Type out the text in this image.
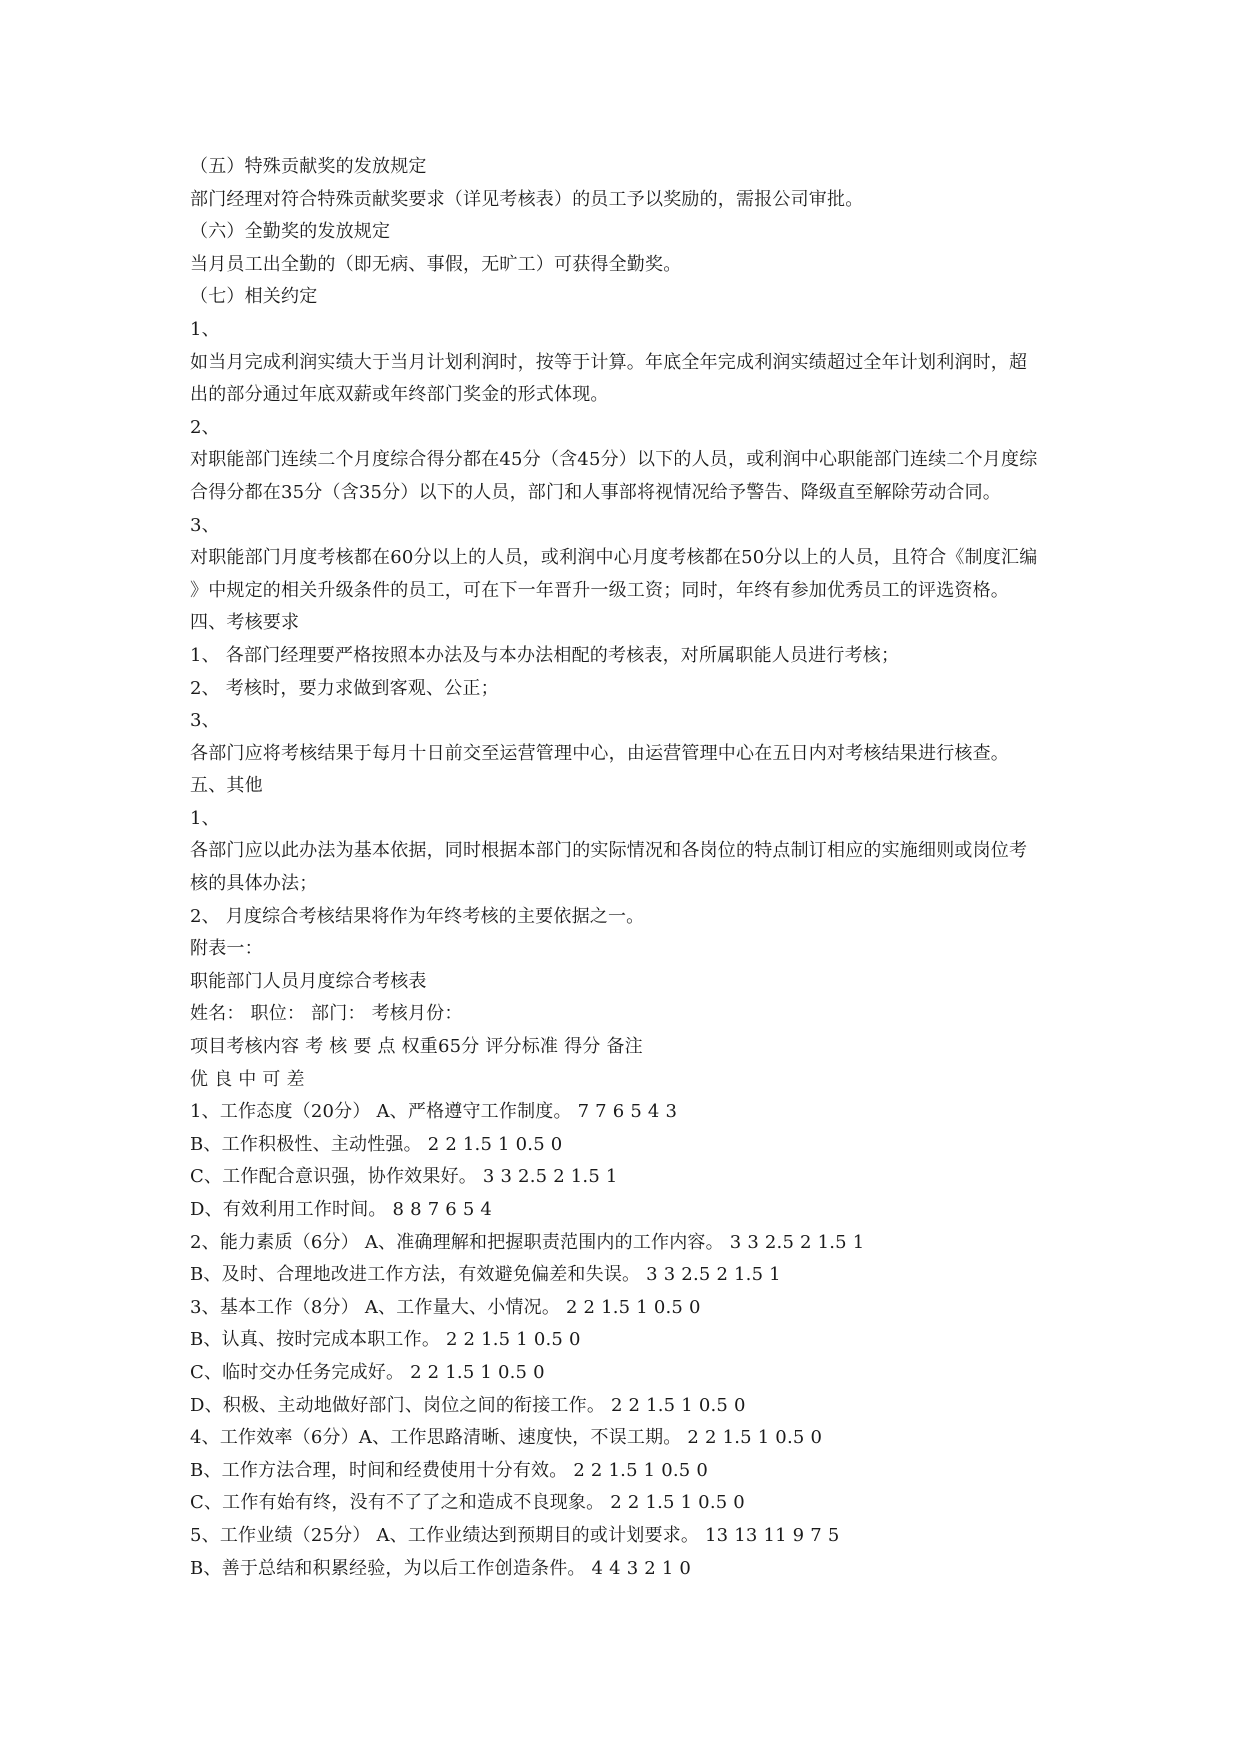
（五）特殊贡献奖的发放规定
部门经理对符合特殊贡献奖要求（详见考核表）的员工予以奖励的，需报公司审批。
（六）全勤奖的发放规定
当月员工出全勤的（即无病、事假，无旷工）可获得全勤奖。
（七）相关约定
1、
如当月完成利润实绩大于当月计划利润时，按等于计算。年底全年完成利润实绩超过全年计划利润时，超
出的部分通过年底双薪或年终部门奖金的形式体现。
2、
对职能部门连续二个月度综合得分都在45分（含45分）以下的人员，或利润中心职能部门连续二个月度综
合得分都在35分（含35分）以下的人员，部门和人事部将视情况给予警告、降级直至解除劳动合同。
3、
对职能部门月度考核都在60分以上的人员，或利润中心月度考核都在50分以上的人员，且符合《制度汇编
》中规定的相关升级条件的员工，可在下一年晋升一级工资；同时，年终有参加优秀员工的评选资格。
四、考核要求
1、 各部门经理要严格按照本办法及与本办法相配的考核表，对所属职能人员进行考核；
2、 考核时，要力求做到客观、公正；
3、
各部门应将考核结果于每月十日前交至运营管理中心，由运营管理中心在五日内对考核结果进行核查。
五、其他
1、
各部门应以此办法为基本依据，同时根据本部门的实际情况和各岗位的特点制订相应的实施细则或岗位考
核的具体办法；
2、 月度综合考核结果将作为年终考核的主要依据之一。
附表一：
职能部门人员月度综合考核表
姓名： 职位： 部门： 考核月份：
项目考核内容 考 核 要 点 权重65分 评分标准 得分 备注
优 良 中 可 差
1、工作态度（20分） A、严格遵守工作制度。 7 7 6 5 4 3
B、工作积极性、主动性强。 2 2 1.5 1 0.5 0
C、工作配合意识强，协作效果好。 3 3 2.5 2 1.5 1
D、有效利用工作时间。 8 8 7 6 5 4
2、能力素质（6分） A、准确理解和把握职责范围内的工作内容。 3 3 2.5 2 1.5 1
B、及时、合理地改进工作方法，有效避免偏差和失误。 3 3 2.5 2 1.5 1
3、基本工作（8分） A、工作量大、小情况。 2 2 1.5 1 0.5 0
B、认真、按时完成本职工作。 2 2 1.5 1 0.5 0
C、临时交办任务完成好。 2 2 1.5 1 0.5 0
D、积极、主动地做好部门、岗位之间的衔接工作。 2 2 1.5 1 0.5 0
4、工作效率（6分）A、工作思路清晰、速度快，不误工期。 2 2 1.5 1 0.5 0
B、工作方法合理，时间和经费使用十分有效。 2 2 1.5 1 0.5 0
C、工作有始有终，没有不了了之和造成不良现象。 2 2 1.5 1 0.5 0
5、工作业绩（25分） A、工作业绩达到预期目的或计划要求。 13 13 11 9 7 5
B、善于总结和积累经验，为以后工作创造条件。 4 4 3 2 1 0
